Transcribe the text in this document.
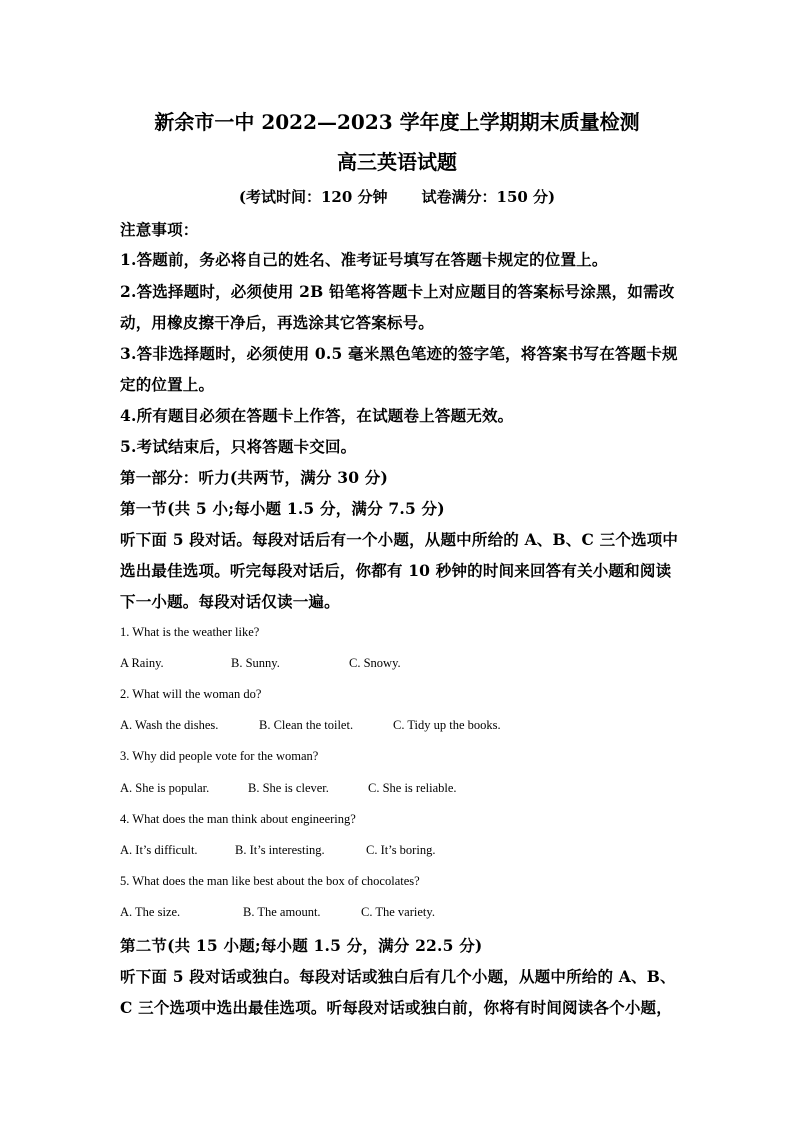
新余市一中 2022—2023 学年度上学期期末质量检测
高三英语试题
(考试时间：120 分钟 试卷满分：150 分)
注意事项：
1.答题前，务必将自己的姓名、准考证号填写在答题卡规定的位置上。
2.答选择题时，必须使用 2B 铅笔将答题卡上对应题目的答案标号涂黑，如需改
动，用橡皮擦干净后，再选涂其它答案标号。
3.答非选择题时，必须使用 0.5 毫米黑色笔迹的签字笔，将答案书写在答题卡规
定的位置上。
4.所有题目必须在答题卡上作答，在试题卷上答题无效。
5.考试结束后，只将答题卡交回。
第一部分：听力(共两节，满分 30 分)
第一节(共 5 小;每小题 1.5 分，满分 7.5 分)
听下面 5 段对话。每段对话后有一个小题，从题中所给的 A、B、C 三个选项中
选出最佳选项。听完每段对话后，你都有 10 秒钟的时间来回答有关小题和阅读
下一小题。每段对话仅读一遍。
1. What is the weather like?
A Rainy.	B. Sunny.	C. Snowy.
2. What will the woman do?
A. Wash the dishes.	B. Clean the toilet.	C. Tidy up the books.
3. Why did people vote for the woman?
A. She is popular.	B. She is clever.	C. She is reliable.
4. What does the man think about engineering?
A. It’s difficult.	B. It’s interesting.	C. It’s boring.
5. What does the man like best about the box of chocolates?
A. The size.	B. The amount.	C. The variety.
第二节(共 15 小题;每小题 1.5 分，满分 22.5 分)
听下面 5 段对话或独白。每段对话或独白后有几个小题，从题中所给的 A、B、
C 三个选项中选出最佳选项。听每段对话或独白前，你将有时间阅读各个小题，
